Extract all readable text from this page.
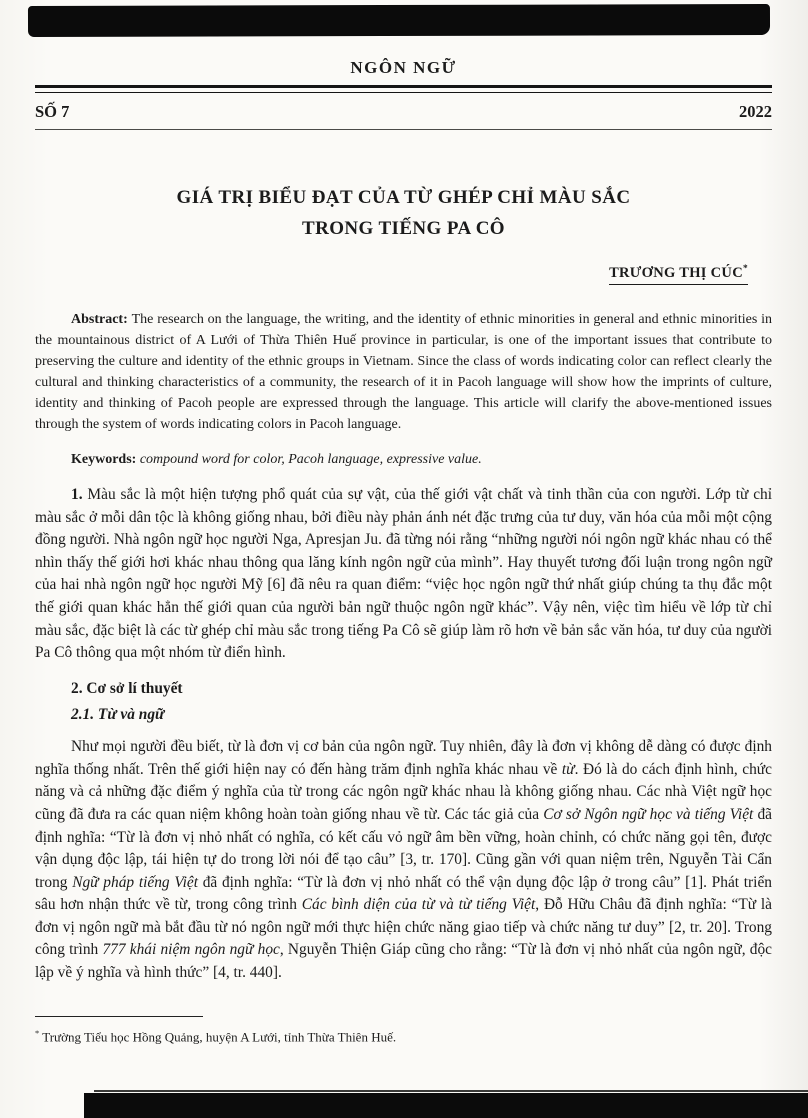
NGÔN NGỮ
SỐ 7	2022
GIÁ TRỊ BIỂU ĐẠT CỦA TỪ GHÉP CHỈ MÀU SẮC
TRONG TIẾNG PA CÔ
TRƯƠNG THỊ CÚC*

Abstract: The research on the language, the writing, and the identity of ethnic minorities in general and ethnic minorities in the mountainous district of A Lưới of Thừa Thiên Huế province in particular, is one of the important issues that contribute to preserving the culture and identity of the ethnic groups in Vietnam. Since the class of words indicating color can reflect clearly the cultural and thinking characteristics of a community, the research of it in Pacoh language will show how the imprints of culture, identity and thinking of Pacoh people are expressed through the language. This article will clarify the above-mentioned issues through the system of words indicating colors in Pacoh language.

Keywords: compound word for color, Pacoh language, expressive value.

1. Màu sắc là một hiện tượng phổ quát của sự vật, của thế giới vật chất và tinh thần của con người. Lớp từ chỉ màu sắc ở mỗi dân tộc là không giống nhau, bởi điều này phản ánh nét đặc trưng của tư duy, văn hóa của mỗi một cộng đồng người. Nhà ngôn ngữ học người Nga, Apresjan Ju. đã từng nói rằng “những người nói ngôn ngữ khác nhau có thể nhìn thấy thế giới hơi khác nhau thông qua lăng kính ngôn ngữ của mình”. Hay thuyết tương đối luận trong ngôn ngữ của hai nhà ngôn ngữ học người Mỹ [6] đã nêu ra quan điểm: “việc học ngôn ngữ thứ nhất giúp chúng ta thụ đắc một thế giới quan khác hẳn thế giới quan của người bản ngữ thuộc ngôn ngữ khác”. Vậy nên, việc tìm hiểu về lớp từ chỉ màu sắc, đặc biệt là các từ ghép chỉ màu sắc trong tiếng Pa Cô sẽ giúp làm rõ hơn về bản sắc văn hóa, tư duy của người Pa Cô thông qua một nhóm từ điển hình.

2. Cơ sở lí thuyết
2.1. Từ và ngữ

Như mọi người đều biết, từ là đơn vị cơ bản của ngôn ngữ. Tuy nhiên, đây là đơn vị không dễ dàng có được định nghĩa thống nhất. Trên thế giới hiện nay có đến hàng trăm định nghĩa khác nhau về từ. Đó là do cách định hình, chức năng và cả những đặc điểm ý nghĩa của từ trong các ngôn ngữ khác nhau là không giống nhau. Các nhà Việt ngữ học cũng đã đưa ra các quan niệm không hoàn toàn giống nhau về từ. Các tác giả của Cơ sở Ngôn ngữ học và tiếng Việt đã định nghĩa: “Từ là đơn vị nhỏ nhất có nghĩa, có kết cấu vỏ ngữ âm bền vững, hoàn chỉnh, có chức năng gọi tên, được vận dụng độc lập, tái hiện tự do trong lời nói để tạo câu” [3, tr. 170]. Cũng gần với quan niệm trên, Nguyễn Tài Cẩn trong Ngữ pháp tiếng Việt đã định nghĩa: “Từ là đơn vị nhỏ nhất có thể vận dụng độc lập ở trong câu” [1]. Phát triển sâu hơn nhận thức về từ, trong công trình Các bình diện của từ và từ tiếng Việt, Đỗ Hữu Châu đã định nghĩa: “Từ là đơn vị ngôn ngữ mà bắt đầu từ nó ngôn ngữ mới thực hiện chức năng giao tiếp và chức năng tư duy” [2, tr. 20]. Trong công trình 777 khái niệm ngôn ngữ học, Nguyễn Thiện Giáp cũng cho rằng: “Từ là đơn vị nhỏ nhất của ngôn ngữ, độc lập về ý nghĩa và hình thức” [4, tr. 440].

* Trường Tiểu học Hồng Quảng, huyện A Lưới, tỉnh Thừa Thiên Huế.
